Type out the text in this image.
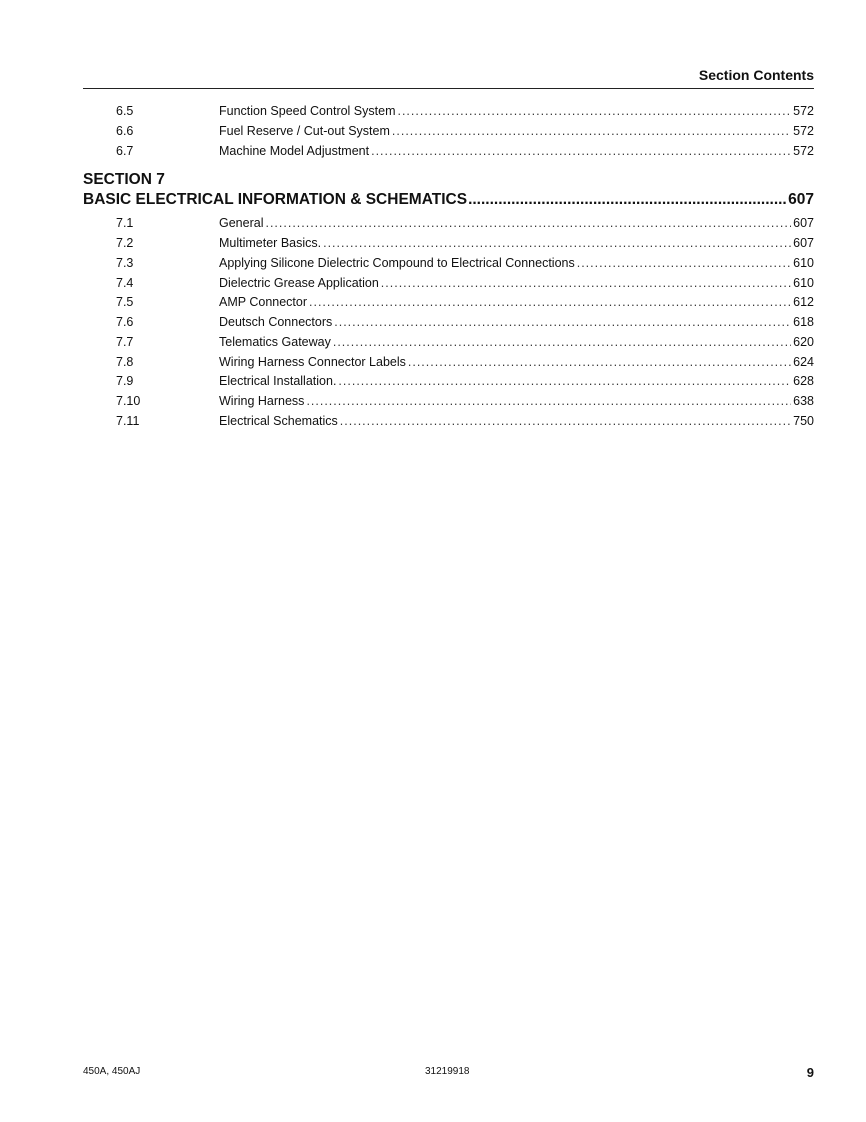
Section Contents
6.5	Function Speed Control System .....	572
6.6	Fuel Reserve / Cut-out System .....	572
6.7	Machine Model Adjustment .....	572
SECTION 7
BASIC ELECTRICAL INFORMATION & SCHEMATICS .....	607
7.1	General .....	607
7.2	Multimeter Basics. .....	607
7.3	Applying Silicone Dielectric Compound to Electrical Connections .....	610
7.4	Dielectric Grease Application .....	610
7.5	AMP Connector .....	612
7.6	Deutsch Connectors .....	618
7.7	Telematics Gateway .....	620
7.8	Wiring Harness Connector Labels .....	624
7.9	Electrical Installation. .....	628
7.10	Wiring Harness .....	638
7.11	Electrical Schematics .....	750
450A, 450AJ	31219918	9
